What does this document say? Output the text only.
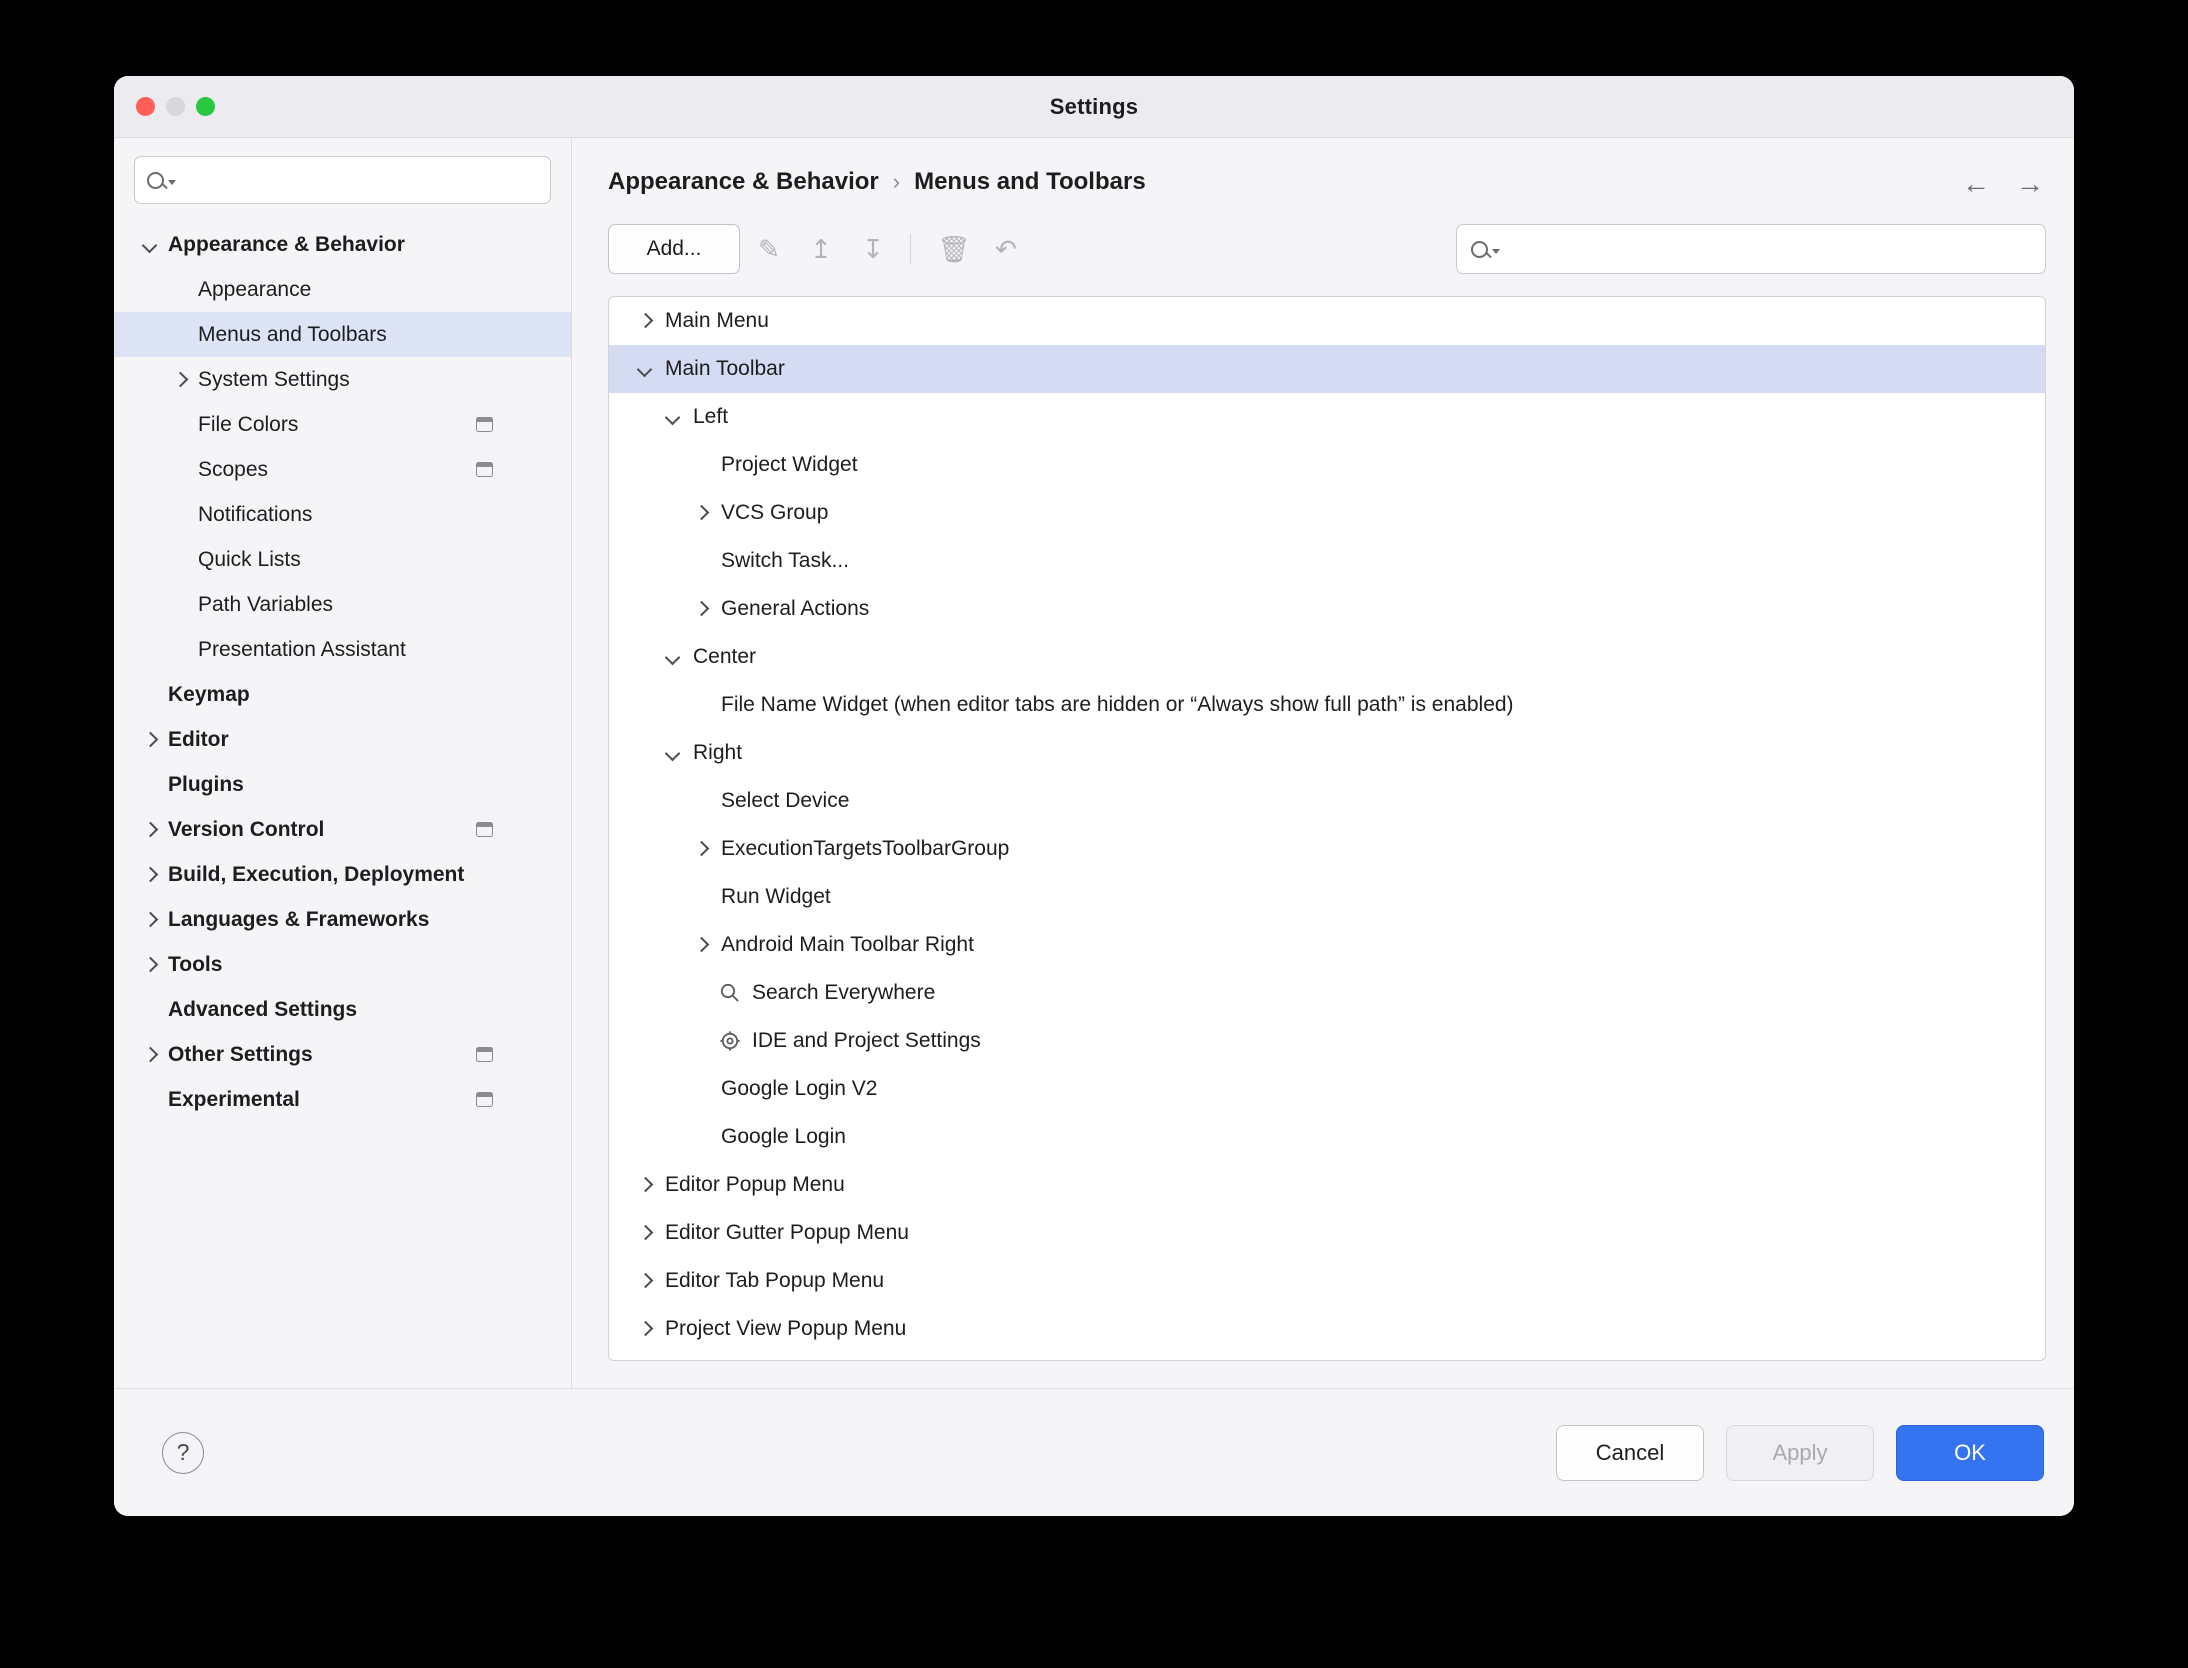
Settings
Appearance & Behavior
Appearance
Menus and Toolbars
System Settings
File Colors
Scopes
Notifications
Quick Lists
Path Variables
Presentation Assistant
Keymap
Editor
Plugins
Version Control
Build, Execution, Deployment
Languages & Frameworks
Tools
Advanced Settings
Other Settings
Experimental
Appearance & Behavior › Menus and Toolbars	← →
Add...	✎	↥	↧	🗑 ↶
Main Menu
Main Toolbar
Left
Project Widget
VCS Group
Switch Task...
General Actions
Center
File Name Widget (when editor tabs are hidden or “Always show full path” is enabled)
Right
Select Device
ExecutionTargetsToolbarGroup
Run Widget
Android Main Toolbar Right
Search Everywhere
IDE and Project Settings
Google Login V2
Google Login
Editor Popup Menu
Editor Gutter Popup Menu
Editor Tab Popup Menu
Project View Popup Menu
?	Cancel	Apply	OK
